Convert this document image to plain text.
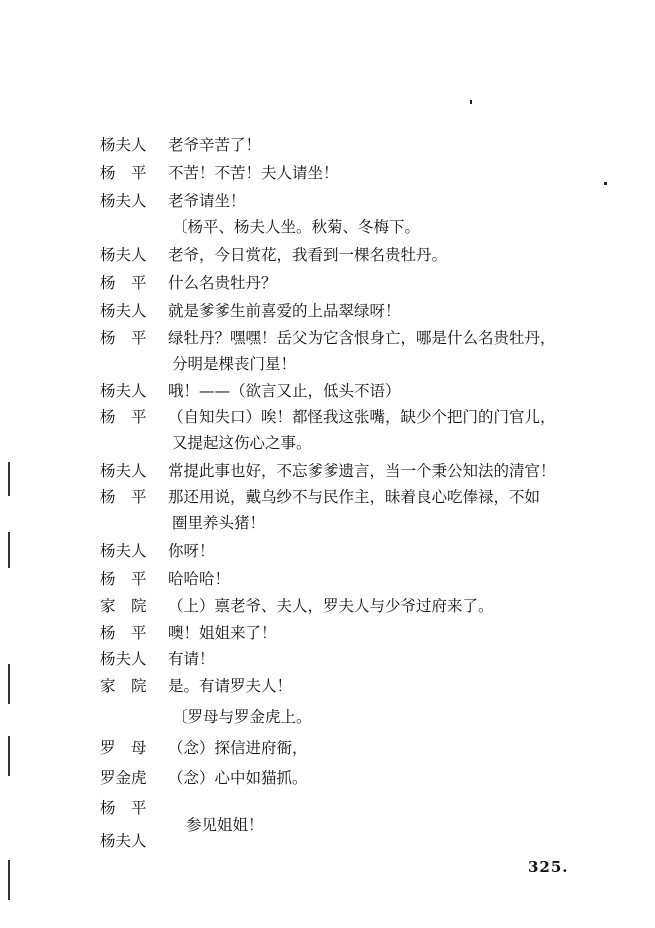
杨夫人 老爷辛苦了！
杨　平 不苦！不苦！夫人请坐！
杨夫人 老爷请坐！
〔杨平、杨夫人坐。秋菊、冬梅下。
杨夫人 老爷，今日赏花，我看到一棵名贵牡丹。
杨　平 什么名贵牡丹？
杨夫人 就是爹爹生前喜爱的上品翠绿呀！
杨　平 绿牡丹？嘿嘿！岳父为它含恨身亡，哪是什么名贵牡丹，
分明是棵丧门星！
杨夫人 哦！——（欲言又止，低头不语）
杨　平 （自知失口）唉！都怪我这张嘴，缺少个把门的门官儿，
又提起这伤心之事。
杨夫人 常提此事也好，不忘爹爹遗言，当一个秉公知法的清官！
杨　平 那还用说，戴乌纱不与民作主，昧着良心吃俸禄，不如
圈里养头猪！
杨夫人 你呀！
杨　平 哈哈哈！
家　院 （上）禀老爷、夫人，罗夫人与少爷过府来了。
杨　平 噢！姐姐来了！
杨夫人 有请！
家　院 是。有请罗夫人！
〔罗母与罗金虎上。
罗　母 （念）探信进府衙，
罗金虎 （念）心中如猫抓。
杨　平
杨夫人
参见姐姐！
325.
